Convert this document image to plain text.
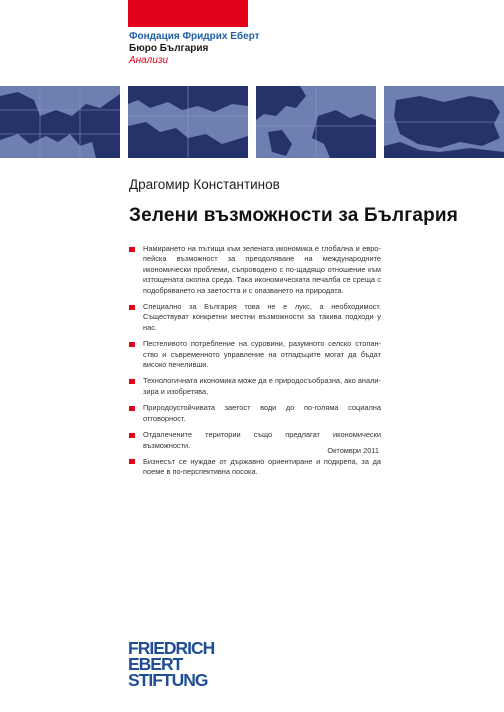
Фондация Фридрих Еберт
Бюро България
Анализи
Драгомир Константинов
Зелени възможности за България
Намирането на пътища към зелената икономика е глобална и европейска възможност за преодоляване на международните икономически проблеми, съпроводено с по-щадящо отношение към изтощената околна среда. Така икономическата печалба се среща с подобряването на заетостта и с опазването на природата.
Специално за България това не е лукс, а необходимост. Съществуват конкретни местни възможности за такива подходи у нас.
Пестеливото потребление на суровини, разумното селско стопанство и съвременното управление на отпадъците могат да бъдат високо печеливши.
Технологичната икономика може да е природосъобразна, ако анализира и изобретява.
Природоустойчивата заетост води до по-голяма социална отговорност.
Отдалечените територии също предлагат икономически възможности.
Бизнесът се нуждае от държавно ориентиране и подкрепа, за да поеме в по-перспективна посока.
Октомври 2011
FRIEDRICH
EBERT
STIFTUNG
